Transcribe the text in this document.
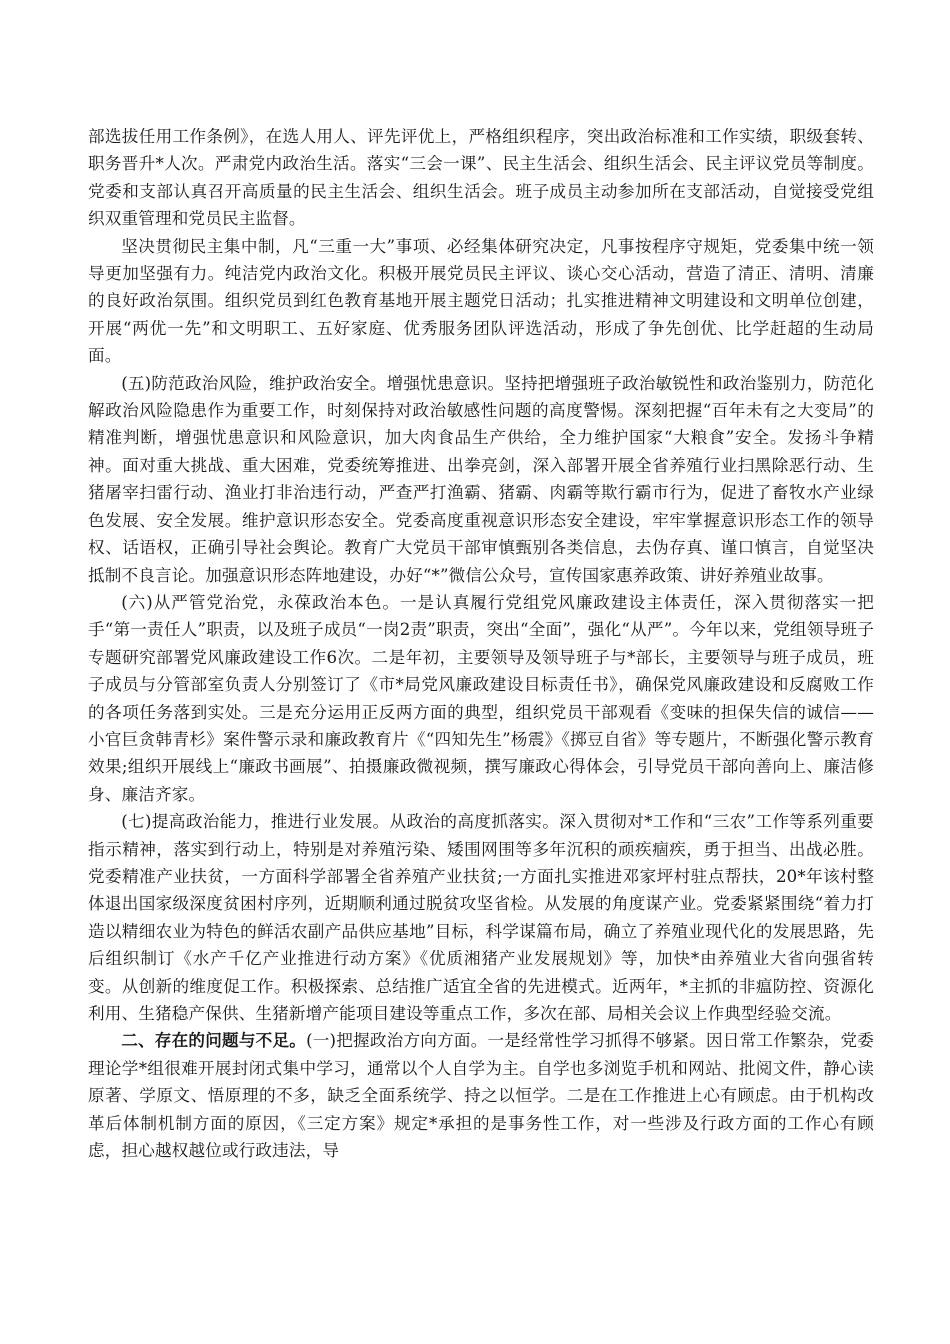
部选拔任用工作条例》，在选人用人、评先评优上，严格组织程序，突出政治标准和工作实绩，职级套转、职务晋升*人次。严肃党内政治生活。落实“三会一课”、民主生活会、组织生活会、民主评议党员等制度。党委和支部认真召开高质量的民主生活会、组织生活会。班子成员主动参加所在支部活动，自觉接受党组织双重管理和党员民主监督。

坚决贯彻民主集中制，凡“三重一大”事项、必经集体研究决定，凡事按程序守规矩，党委集中统一领导更加坚强有力。纯洁党内政治文化。积极开展党员民主评议、谈心交心活动，营造了清正、清明、清廉的良好政治氛围。组织党员到红色教育基地开展主题党日活动；扎实推进精神文明建设和文明单位创建，开展“两优一先”和文明职工、五好家庭、优秀服务团队评选活动，形成了争先创优、比学赶超的生动局面。

(五)防范政治风险，维护政治安全。增强忧患意识。坚持把增强班子政治敏锐性和政治鉴别力，防范化解政治风险隐患作为重要工作，时刻保持对政治敏感性问题的高度警惕。深刻把握“百年未有之大变局”的精准判断，增强忧患意识和风险意识，加大肉食品生产供给，全力维护国家“大粮食”安全。发扬斗争精神。面对重大挑战、重大困难，党委统筹推进、出拳亮剑，深入部署开展全省养殖行业扫黑除恶行动、生猪屠宰扫雷行动、渔业打非治违行动，严查严打渔霸、猪霸、肉霸等欺行霸市行为，促进了畜牧水产业绿色发展、安全发展。维护意识形态安全。党委高度重视意识形态安全建设，牢牢掌握意识形态工作的领导权、话语权，正确引导社会舆论。教育广大党员干部审慎甄别各类信息，去伪存真、谨口慎言，自觉坚决抵制不良言论。加强意识形态阵地建设，办好“*”微信公众号，宣传国家惠养政策、讲好养殖业故事。

(六)从严管党治党，永葆政治本色。一是认真履行党组党风廉政建设主体责任，深入贯彻落实一把手“第一责任人”职责，以及班子成员“一岗2责”职责，突出“全面”，强化“从严”。今年以来，党组领导班子专题研究部署党风廉政建设工作6次。二是年初，主要领导及领导班子与*部长，主要领导与班子成员，班子成员与分管部室负责人分别签订了《市*局党风廉政建设目标责任书》，确保党风廉政建设和反腐败工作的各项任务落到实处。三是充分运用正反两方面的典型，组织党员干部观看《变味的担保失信的诚信——小官巨贪韩青杉》案件警示录和廉政教育片《“四知先生”杨震》《掷豆自省》等专题片，不断强化警示教育效果;组织开展线上“廉政书画展”、拍摄廉政微视频，撰写廉政心得体会，引导党员干部向善向上、廉洁修身、廉洁齐家。

(七)提高政治能力，推进行业发展。从政治的高度抓落实。深入贯彻对*工作和“三农”工作等系列重要指示精神，落实到行动上，特别是对养殖污染、矮围网围等多年沉积的顽疾痼疾，勇于担当、出战必胜。党委精准产业扶贫，一方面科学部署全省养殖产业扶贫;一方面扎实推进邓家坪村驻点帮扶，20*年该村整体退出国家级深度贫困村序列，近期顺利通过脱贫攻坚省检。从发展的角度谋产业。党委紧紧围绕“着力打造以精细农业为特色的鲜活农副产品供应基地”目标，科学谋篇布局，确立了养殖业现代化的发展思路，先后组织制订《水产千亿产业推进行动方案》《优质湘猪产业发展规划》等，加快*由养殖业大省向强省转变。从创新的维度促工作。积极探索、总结推广适宜全省的先进模式。近两年，*主抓的非瘟防控、资源化利用、生猪稳产保供、生猪新增产能项目建设等重点工作，多次在部、局相关会议上作典型经验交流。

二、存在的问题与不足。(一)把握政治方向方面。一是经常性学习抓得不够紧。因日常工作繁杂，党委理论学*组很难开展封闭式集中学习，通常以个人自学为主。自学也多浏览手机和网站、批阅文件，静心读原著、学原文、悟原理的不多，缺乏全面系统学、持之以恒学。二是在工作推进上心有顾虑。由于机构改革后体制机制方面的原因，《三定方案》规定*承担的是事务性工作，对一些涉及行政方面的工作心有顾虑，担心越权越位或行政违法，导
